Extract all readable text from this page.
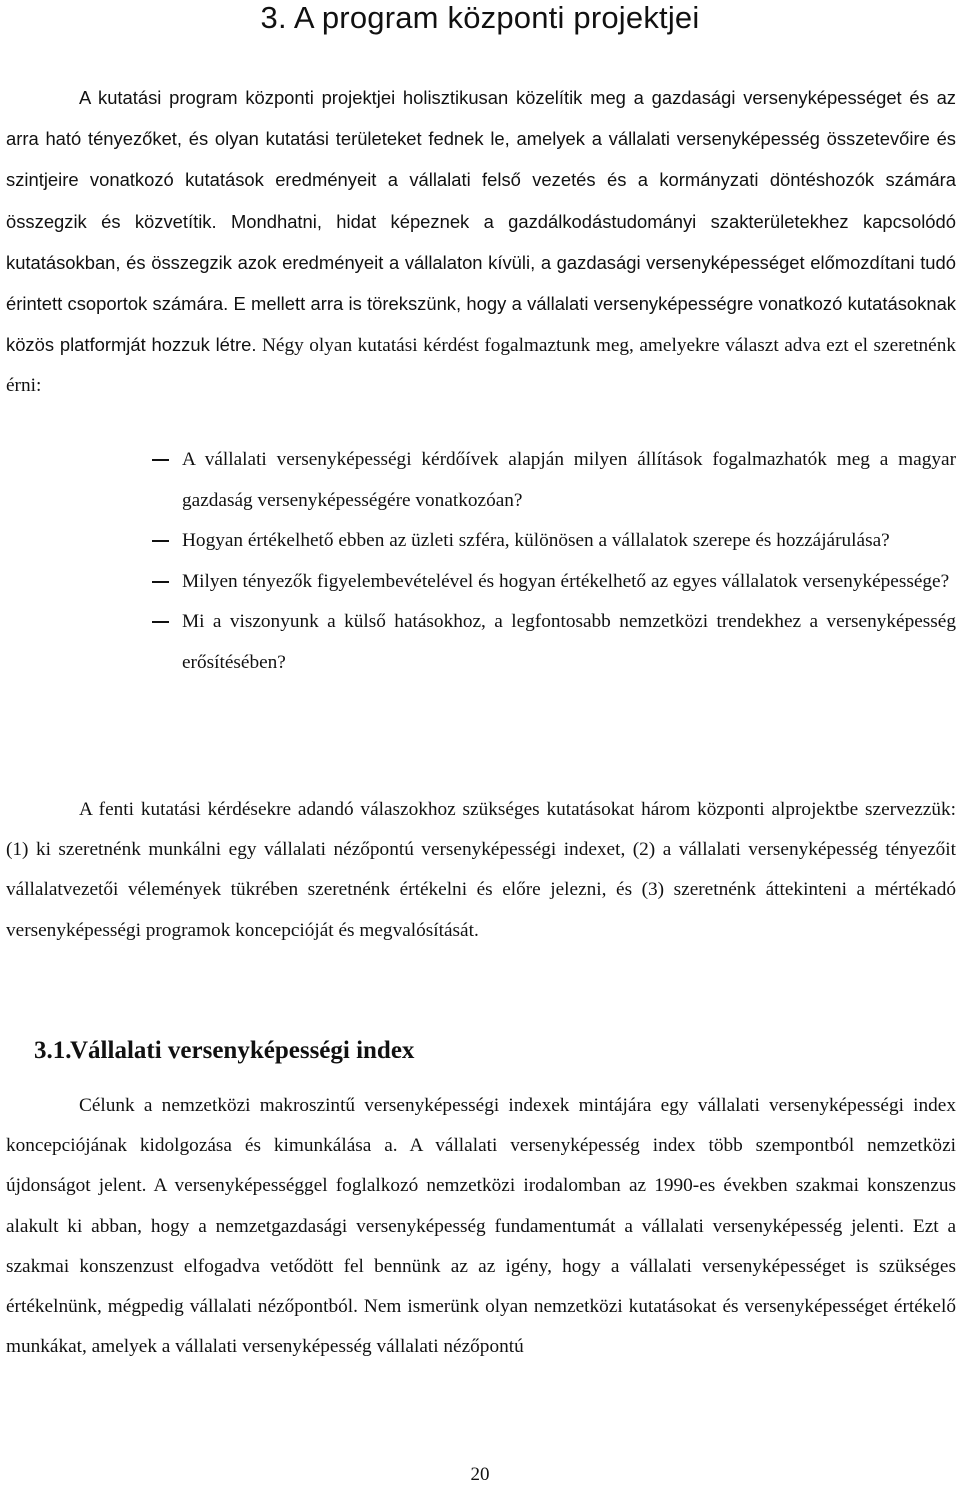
3. A program központi projektjei

A kutatási program központi projektjei holisztikusan közelítik meg a gazdasági versenyképességet és az arra ható tényezőket, és olyan kutatási területeket fednek le, amelyek a vállalati versenyképesség összetevőire és szintjeire vonatkozó kutatások eredményeit a vállalati felső vezetés és a kormányzati döntéshozók számára összegzik és közvetítik. Mondhatni, hidat képeznek a gazdálkodástudományi szakterületekhez kapcsolódó kutatásokban, és összegzik azok eredményeit a vállalaton kívüli, a gazdasági versenyképességet előmozdítani tudó érintett csoportok számára. E mellett arra is törekszünk, hogy a vállalati versenyképességre vonatkozó kutatásoknak közös platformját hozzuk létre. Négy olyan kutatási kérdést fogalmaztunk meg, amelyekre választ adva ezt el szeretnénk érni:

A vállalati versenyképességi kérdőívek alapján milyen állítások fogalmazhatók meg a magyar gazdaság versenyképességére vonatkozóan?
Hogyan értékelhető ebben az üzleti szféra, különösen a vállalatok szerepe és hozzájárulása?
Milyen tényezők figyelembevételével és hogyan értékelhető az egyes vállalatok versenyképessége?
Mi a viszonyunk a külső hatásokhoz, a legfontosabb nemzetközi trendekhez a versenyképesség erősítésében?

A fenti kutatási kérdésekre adandó válaszokhoz szükséges kutatásokat három központi alprojektbe szervezzük: (1) ki szeretnénk munkálni egy vállalati nézőpontú versenyképességi indexet, (2) a vállalati versenyképesség tényezőit vállalatvezetői vélemények tükrében szeretnénk értékelni és előre jelezni, és (3) szeretnénk áttekinteni a mértékadó versenyképességi programok koncepcióját és megvalósítását.

3.1.Vállalati versenyképességi index

Célunk a nemzetközi makroszintű versenyképességi indexek mintájára egy vállalati versenyképességi index koncepciójának kidolgozása és kimunkálása a. A vállalati versenyképesség index több szempontból nemzetközi újdonságot jelent. A versenyképességgel foglalkozó nemzetközi irodalomban az 1990-es években szakmai konszenzus alakult ki abban, hogy a nemzetgazdasági versenyképesség fundamentumát a vállalati versenyképesség jelenti. Ezt a szakmai konszenzust elfogadva vetődött fel bennünk az az igény, hogy a vállalati versenyképességet is szükséges értékelnünk, mégpedig vállalati nézőpontból. Nem ismerünk olyan nemzetközi kutatásokat és versenyképességet értékelő munkákat, amelyek a vállalati versenyképesség vállalati nézőpontú

20
